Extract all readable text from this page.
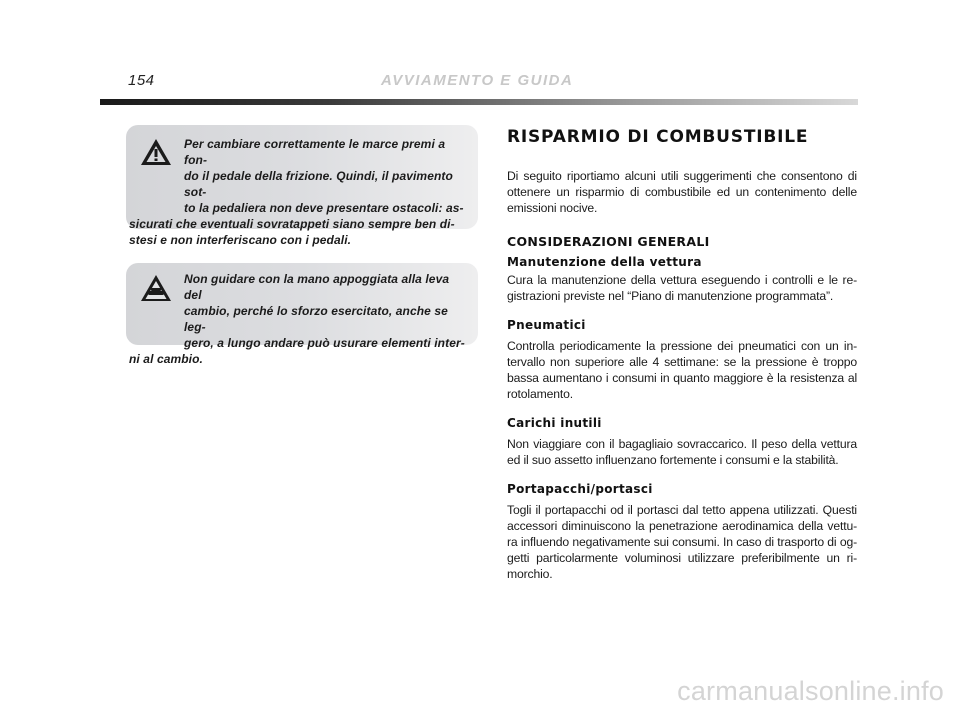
154	AVVIAMENTO E GUIDA
Per cambiare correttamente le marce premi a fon-
do il pedale della frizione. Quindi, il pavimento sot-
to la pedaliera non deve presentare ostacoli: as-
sicurati che eventuali sovratappeti siano sempre ben di-
stesi e non interferiscano con i pedali.
Non guidare con la mano appoggiata alla leva del
cambio, perché lo sforzo esercitato, anche se leg-
gero, a lungo andare può usurare elementi inter-
ni al cambio.
RISPARMIO DI COMBUSTIBILE

Di seguito riportiamo alcuni utili suggerimenti che consentono di ottenere un risparmio di combustibile ed un contenimento delle emissioni nocive.

CONSIDERAZIONI GENERALI
Manutenzione della vettura

Cura la manutenzione della vettura eseguendo i controlli e le re-gistrazioni previste nel “Piano di manutenzione programmata”.

Pneumatici

Controlla periodicamente la pressione dei pneumatici con un in-tervallo non superiore alle 4 settimane: se la pressione è troppo bassa aumentano i consumi in quanto maggiore è la resistenza al rotolamento.

Carichi inutili

Non viaggiare con il bagagliaio sovraccarico. Il peso della vettura ed il suo assetto influenzano fortemente i consumi e la stabilità.

Portapacchi/portasci

Togli il portapacchi od il portasci dal tetto appena utilizzati. Questi accessori diminuiscono la penetrazione aerodinamica della vettu-ra influendo negativamente sui consumi. In caso di trasporto di og-getti particolarmente voluminosi utilizzare preferibilmente un ri-morchio.

carmanualsonline.info
